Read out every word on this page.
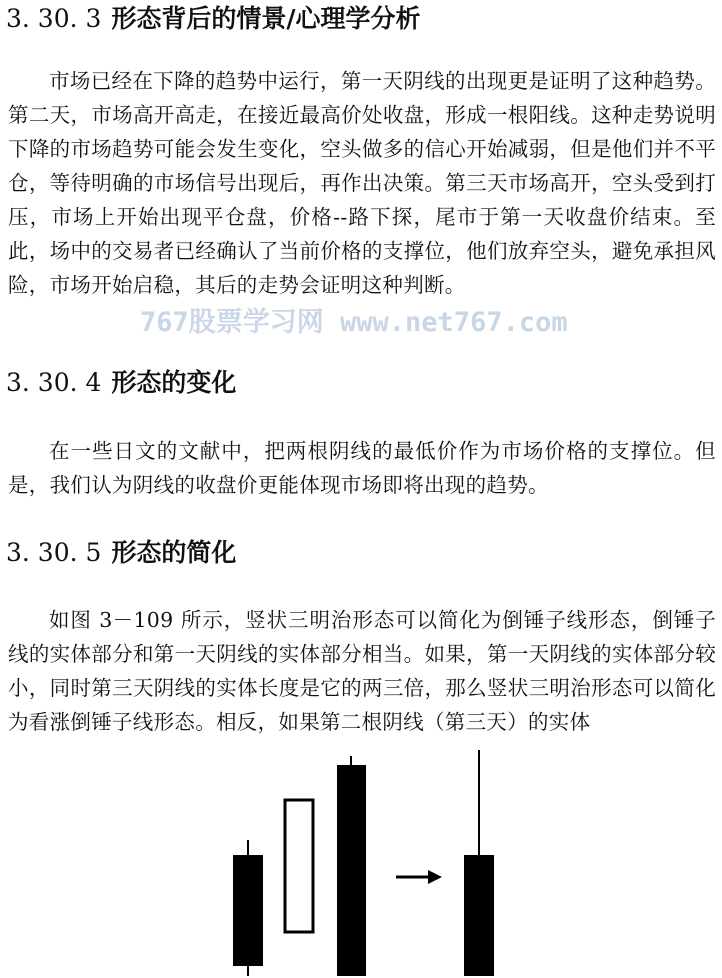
3. 30. 3 形态背后的情景/心理学分析

市场已经在下降的趋势中运行，第一天阴线的出现更是证明了这种趋势。第二天，市场高开高走，在接近最高价处收盘，形成一根阳线。这种走势说明下降的市场趋势可能会发生变化，空头做多的信心开始减弱，但是他们并不平仓，等待明确的市场信号出现后，再作出决策。第三天市场高开，空头受到打压，市场上开始出现平仓盘，价格--路下探，尾市于第一天收盘价结束。至此，场中的交易者已经确认了当前价格的支撑位，他们放弃空头，避免承担风险，市场开始启稳，其后的走势会证明这种判断。

767股票学习网 www.net767.com
3. 30. 4 形态的变化

在一些日文的文献中，把两根阴线的最低价作为市场价格的支撑位。但是，我们认为阴线的收盘价更能体现市场即将出现的趋势。

3. 30. 5 形态的简化

如图 3－109 所示，竖状三明治形态可以简化为倒锤子线形态，倒锤子线的实体部分和第一天阴线的实体部分相当。如果，第一天阴线的实体部分较小，同时第三天阴线的实体长度是它的两三倍，那么竖状三明治形态可以简化为看涨倒锤子线形态。相反，如果第二根阴线（第三天）的实体
